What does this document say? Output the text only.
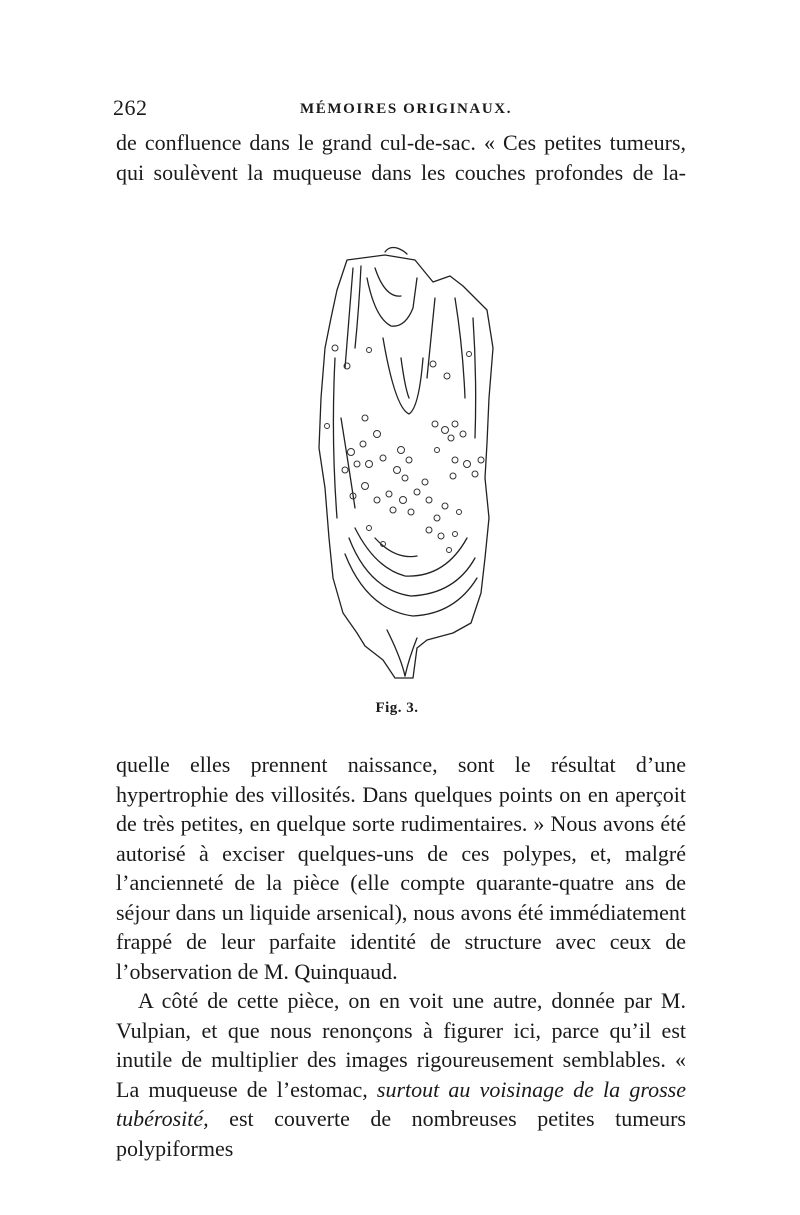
262	MÉMOIRES ORIGINAUX.

de confluence dans le grand cul-de-sac. « Ces petites tumeurs, qui soulèvent la muqueuse dans les couches profondes de la-

Fig. 3.

quelle elles prennent naissance, sont le résultat d’une hypertrophie des villosités. Dans quelques points on en aperçoit de très petites, en quelque sorte rudimentaires. » Nous avons été autorisé à exciser quelques-uns de ces polypes, et, malgré l’ancienneté de la pièce (elle compte quarante-quatre ans de séjour dans un liquide arsenical), nous avons été immédiatement frappé de leur parfaite identité de structure avec ceux de l’observation de M. Quinquaud.

A côté de cette pièce, on en voit une autre, donnée par M. Vulpian, et que nous renonçons à figurer ici, parce qu’il est inutile de multiplier des images rigoureusement semblables. « La muqueuse de l’estomac, surtout au voisinage de la grosse tubérosité, est couverte de nombreuses petites tumeurs polypiformes
